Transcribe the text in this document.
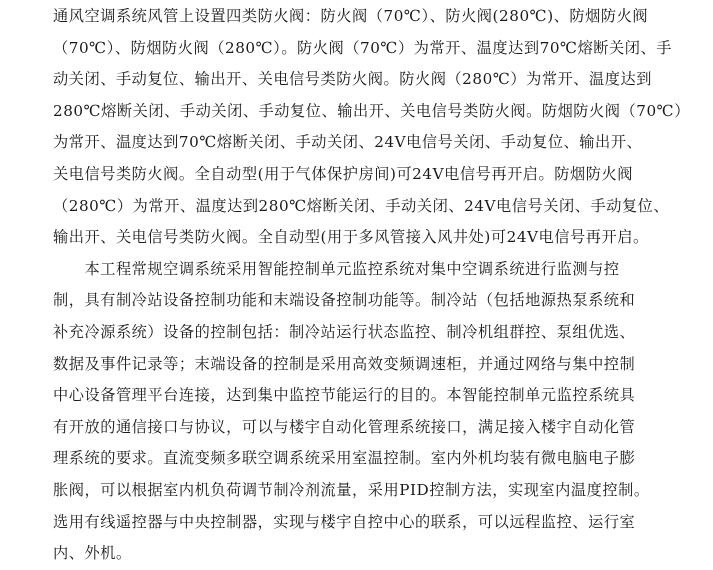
通风空调系统风管上设置四类防火阀：防火阀（70℃）、防火阀(280℃)、防烟防火阀
（70℃）、防烟防火阀（280℃）。防火阀（70℃）为常开、温度达到70℃熔断关闭、手
动关闭、手动复位、输出开、关电信号类防火阀。防火阀（280℃）为常开、温度达到
280℃熔断关闭、手动关闭、手动复位、输出开、关电信号类防火阀。防烟防火阀（70℃）
为常开、温度达到70℃熔断关闭、手动关闭、24V电信号关闭、手动复位、输出开、
关电信号类防火阀。全自动型(用于气体保护房间)可24V电信号再开启。防烟防火阀
（280℃）为常开、温度达到280℃熔断关闭、手动关闭、24V电信号关闭、手动复位、
输出开、关电信号类防火阀。全自动型(用于多风管接入风井处)可24V电信号再开启。
　　本工程常规空调系统采用智能控制单元监控系统对集中空调系统进行监测与控
制，具有制冷站设备控制功能和末端设备控制功能等。制冷站（包括地源热泵系统和
补充冷源系统）设备的控制包括：制冷站运行状态监控、制冷机组群控、泵组优选、
数据及事件记录等；末端设备的控制是采用高效变频调速柜，并通过网络与集中控制
中心设备管理平台连接，达到集中监控节能运行的目的。本智能控制单元监控系统具
有开放的通信接口与协议，可以与楼宇自动化管理系统接口，满足接入楼宇自动化管
理系统的要求。直流变频多联空调系统采用室温控制。室内外机均装有微电脑电子膨
胀阀，可以根据室内机负荷调节制冷剂流量，采用PID控制方法，实现室内温度控制。
选用有线遥控器与中央控制器，实现与楼宇自控中心的联系，可以远程监控、运行室
内、外机。
